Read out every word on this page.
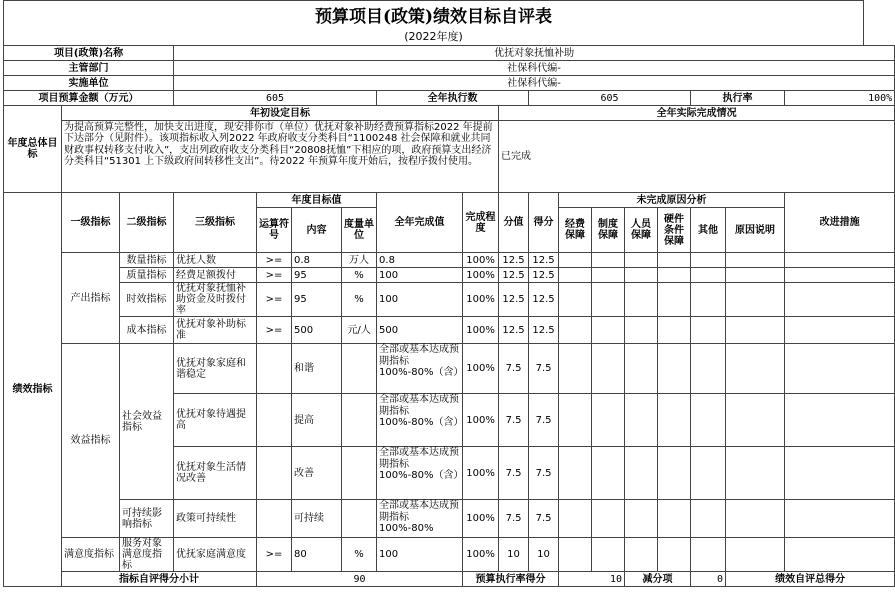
预算项目(政策)绩效目标自评表
(2022年度)
项目(政策)名称			优抚对象抚恤补助															
主管部门			社保科代编-															
实施单位			社保科代编-															
项目预算金额（万元）			605				全年执行数			605					执行率		100%	
年度总体目标	年初设定目标								全年实际完成情况									

	为提高预算完整性，加快支出进度，现安排你市（单位）优抚对象补助经费预算指标2022 年提前下达部分（见附件）。该项指标收入列2022 年政府收支分类科目“1100248 社会保障和就业共同财政事权转移支付收入”，支出列政府收支分类科目“20808抚恤”下相应的项，政府预算支出经济分类科目“51301 上下级政府间转移性支出”。待2022 年预算年度开始后，按程序拨付使用。								已完成									
绩效指标	一级指标	二级指标	三级指标	年度目标值			全年完成值	完成程度	分值	得分	未完成原因分析						改进措施	
				运算符号	内容	度量单位					经费保障	制度保障	人员保障	硬件条件保障	其他	原因说明		

	产出指标	数量指标	优抚人数	>=	0.8	万人	0.8	100%	12.5	12.5								
		质量指标	经费足额拨付	>=	95	%	100	100%	12.5	12.5								
		时效指标	优抚对象抚恤补助资金及时拨付率	>=	95	%	100	100%	12.5	12.5								
		成本指标	优抚对象补助标准	>=	500	元/人	500	100%	12.5	12.5								
	效益指标	社会效益指标	优抚对象家庭和谐稳定		和谐		全部或基本达成预期指标100%-80%（含）	100%	7.5	7.5								
			优抚对象待遇提高		提高		全部或基本达成预期指标100%-80%（含）	100%	7.5	7.5								
			优抚对象生活情况改善		改善		全部或基本达成预期指标100%-80%（含）	100%	7.5	7.5								
		可持续影响指标	政策可持续性		可持续		全部或基本达成预期指标100%-80%	100%	7.5	7.5								
	满意度指标	服务对象满意度指标	优抚家庭满意度	>=	80	%	100	100%	10	10								
	指标自评得分小计			90				预算执行率得分			10		减分项		0	绩效自评总得分	
